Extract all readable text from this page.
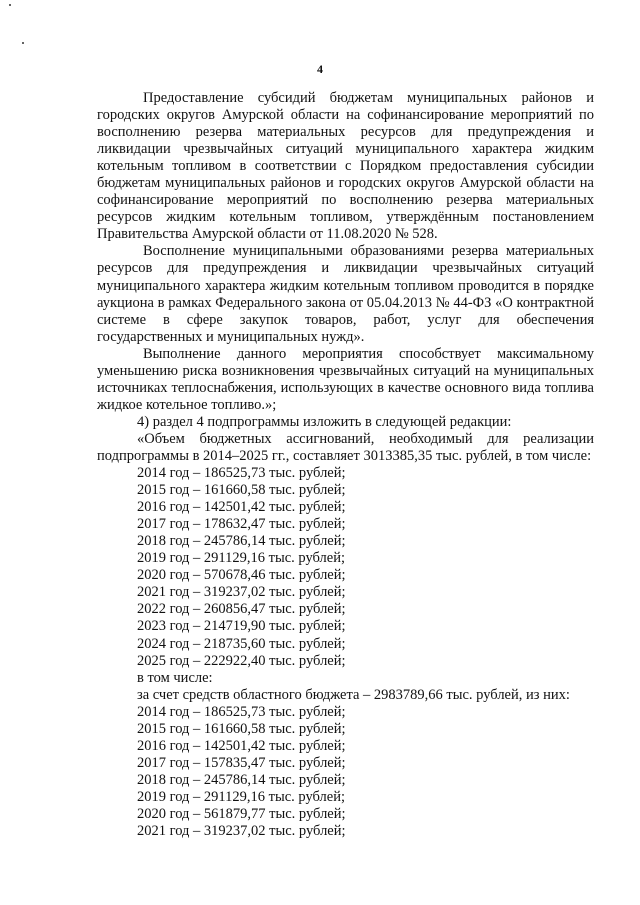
4

Предоставление субсидий бюджетам муниципальных районов и городских округов Амурской области на софинансирование мероприятий по восполнению резерва материальных ресурсов для предупреждения и ликвидации чрезвычайных ситуаций муниципального характера жидким котельным топливом в соответствии с Порядком предоставления субсидии бюджетам муниципальных районов и городских округов Амурской области на софинансирование мероприятий по восполнению резерва материальных ресурсов жидким котельным топливом, утверждённым постановлением Правительства Амурской области от 11.08.2020 № 528.

Восполнение муниципальными образованиями резерва материальных ресурсов для предупреждения и ликвидации чрезвычайных ситуаций муниципального характера жидким котельным топливом проводится в порядке аукциона в рамках Федерального закона от 05.04.2013 № 44-ФЗ «О контрактной системе в сфере закупок товаров, работ, услуг для обеспечения государственных и муниципальных нужд».

Выполнение данного мероприятия способствует максимальному уменьшению риска возникновения чрезвычайных ситуаций на муниципальных источниках теплоснабжения, использующих в качестве основного вида топлива жидкое котельное топливо.»;

4) раздел 4 подпрограммы изложить в следующей редакции:

«Объем бюджетных ассигнований, необходимый для реализации подпрограммы в 2014–2025 гг., составляет 3013385,35 тыс. рублей, в том числе:

2014 год – 186525,73 тыс. рублей;

2015 год – 161660,58 тыс. рублей;

2016 год – 142501,42 тыс. рублей;

2017 год – 178632,47 тыс. рублей;

2018 год – 245786,14 тыс. рублей;

2019 год – 291129,16 тыс. рублей;

2020 год – 570678,46 тыс. рублей;

2021 год – 319237,02 тыс. рублей;

2022 год – 260856,47 тыс. рублей;

2023 год – 214719,90 тыс. рублей;

2024 год – 218735,60 тыс. рублей;

2025 год – 222922,40 тыс. рублей;

в том числе:

за счет средств областного бюджета – 2983789,66 тыс. рублей, из них:

2014 год – 186525,73 тыс. рублей;

2015 год – 161660,58 тыс. рублей;

2016 год – 142501,42 тыс. рублей;

2017 год – 157835,47 тыс. рублей;

2018 год – 245786,14 тыс. рублей;

2019 год – 291129,16 тыс. рублей;

2020 год – 561879,77 тыс. рублей;

2021 год – 319237,02 тыс. рублей;
